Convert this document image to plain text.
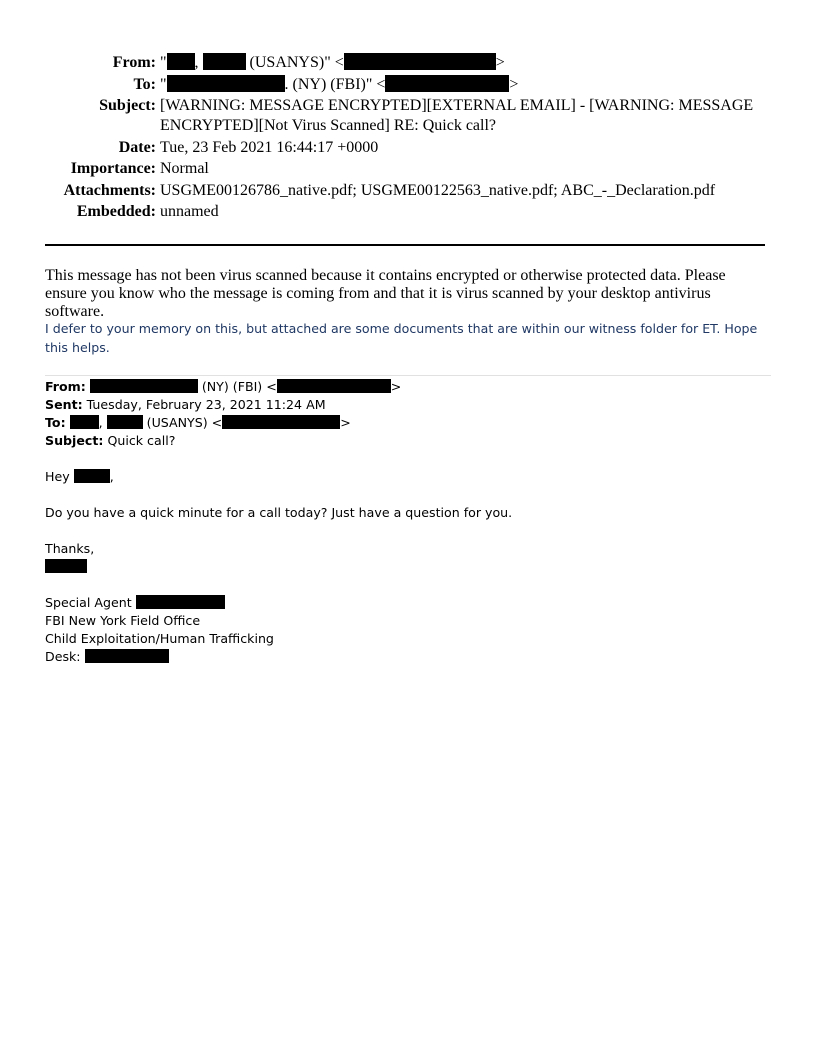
From: " ,	(USANYS)" <	>
To: "	. (NY) (FBI)" <	>
Subject: [WARNING: MESSAGE ENCRYPTED][EXTERNAL EMAIL] - [WARNING: MESSAGE ENCRYPTED][Not Virus Scanned] RE: Quick call?
Date: Tue, 23 Feb 2021 16:44:17 +0000
Importance: Normal
Attachments: USGME00126786_native.pdf; USGME00122563_native.pdf; ABC_-_Declaration.pdf
Embedded: unnamed
This message has not been virus scanned because it contains encrypted or otherwise protected data. Please ensure you know who the message is coming from and that it is virus scanned by your desktop antivirus software.
I defer to your memory on this, but attached are some documents that are within our witness folder for ET. Hope this helps.
From:	(NY) (FBI) <	>
Sent: Tuesday, February 23, 2021 11:24 AM
To:	,	(USANYS) <	>
Subject: Quick call?
Hey	,
Do you have a quick minute for a call today? Just have a question for you.
Thanks,
Special Agent
FBI New York Field Office
Child Exploitation/Human Trafficking
Desk:
